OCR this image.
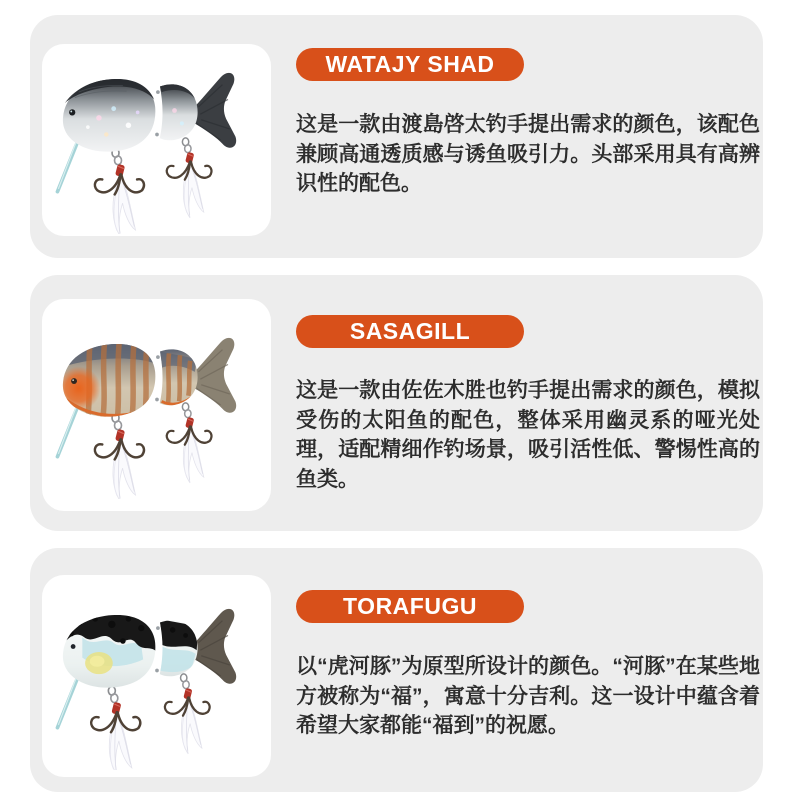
WATAJY SHAD

这是一款由渡島啓太钓手提出需求的颜色，该配色兼顾高通透质感与诱鱼吸引力。头部采用具有高辨识性的配色。

SASAGILL

这是一款由佐佐木胜也钓手提出需求的颜色，模拟受伤的太阳鱼的配色，整体采用幽灵系的哑光处理，适配精细作钓场景，吸引活性低、警惕性高的鱼类。

TORAFUGU

以“虎河豚”为原型所设计的颜色。“河豚”在某些地方被称为“福”，寓意十分吉利。这一设计中蕴含着希望大家都能“福到”的祝愿。
